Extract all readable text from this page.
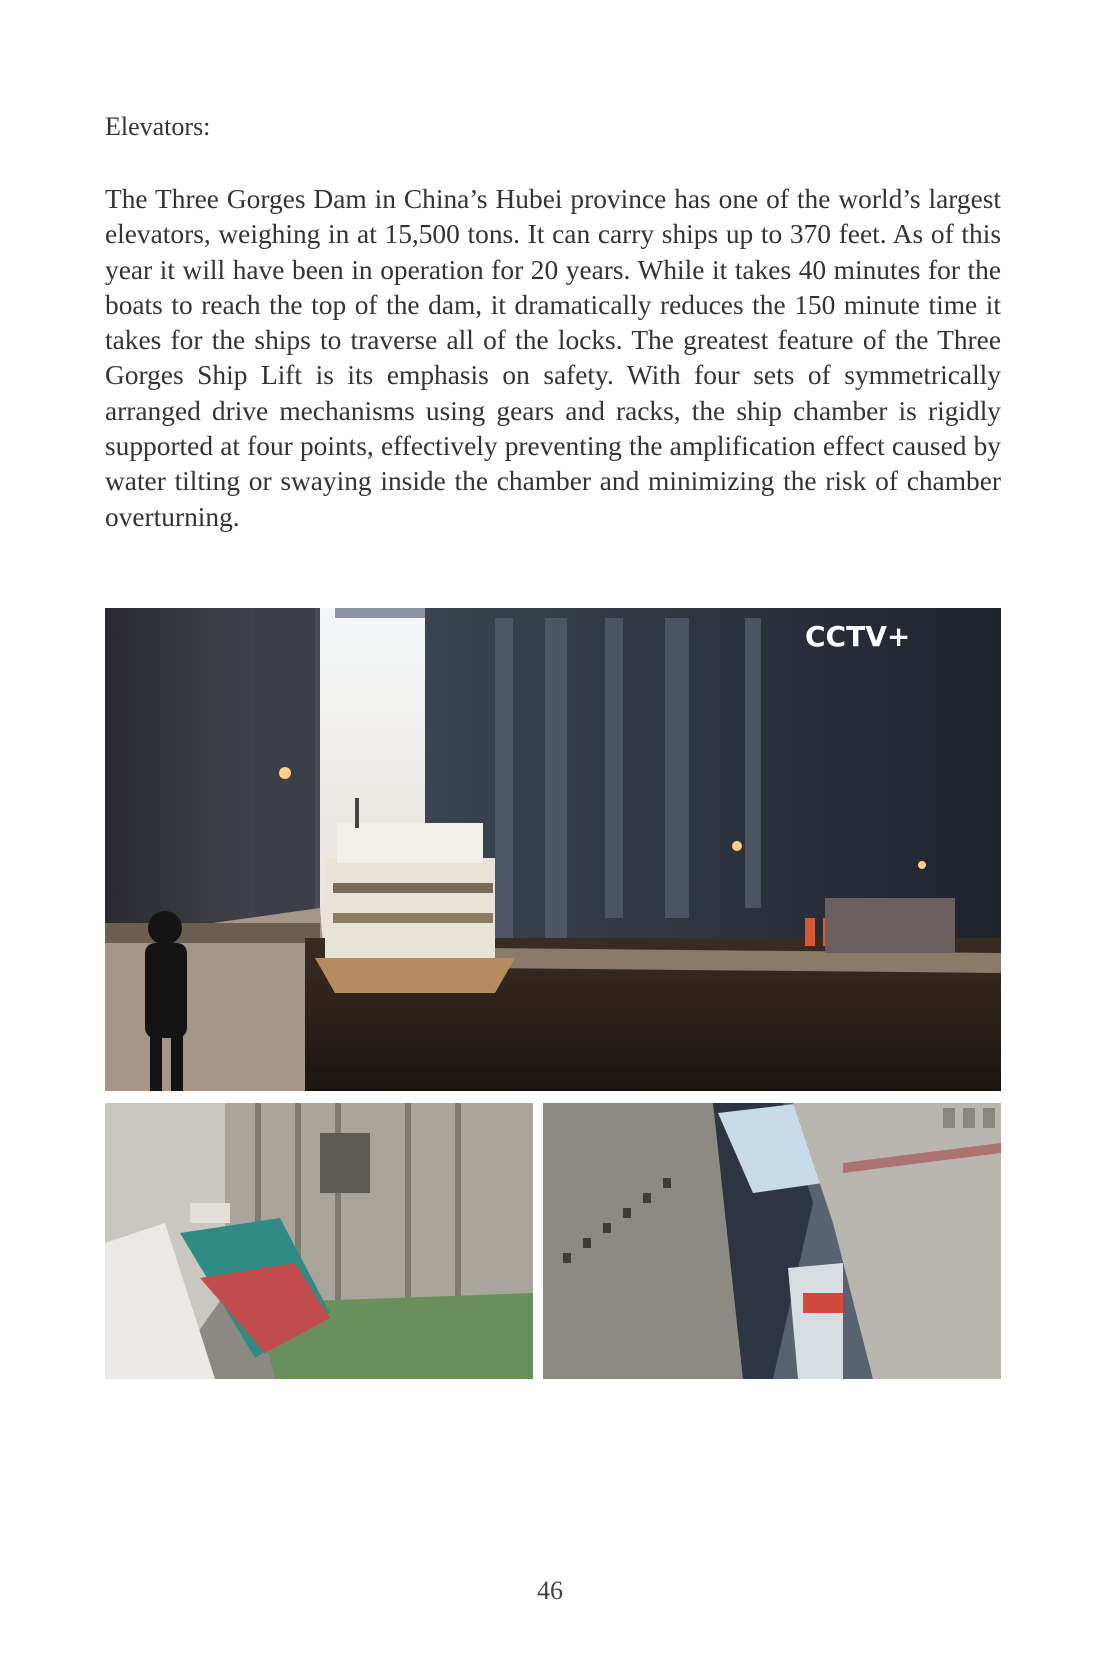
Elevators:

The Three Gorges Dam in China’s Hubei province has one of the world’s largest elevators, weighing in at 15,500 tons. It can carry ships up to 370 feet. As of this year it will have been in operation for 20 years. While it takes 40 minutes for the boats to reach the top of the dam, it dramatically reduces the 150 minute time it takes for the ships to traverse all of the locks. The greatest feature of the Three Gorges Ship Lift is its emphasis on safety. With four sets of symmetrically arranged drive mechanisms using gears and racks, the ship chamber is rigidly supported at four points, effectively preventing the amplification effect caused by water tilting or swaying inside the chamber and minimizing the risk of chamber overturning.

CCTV+
46
